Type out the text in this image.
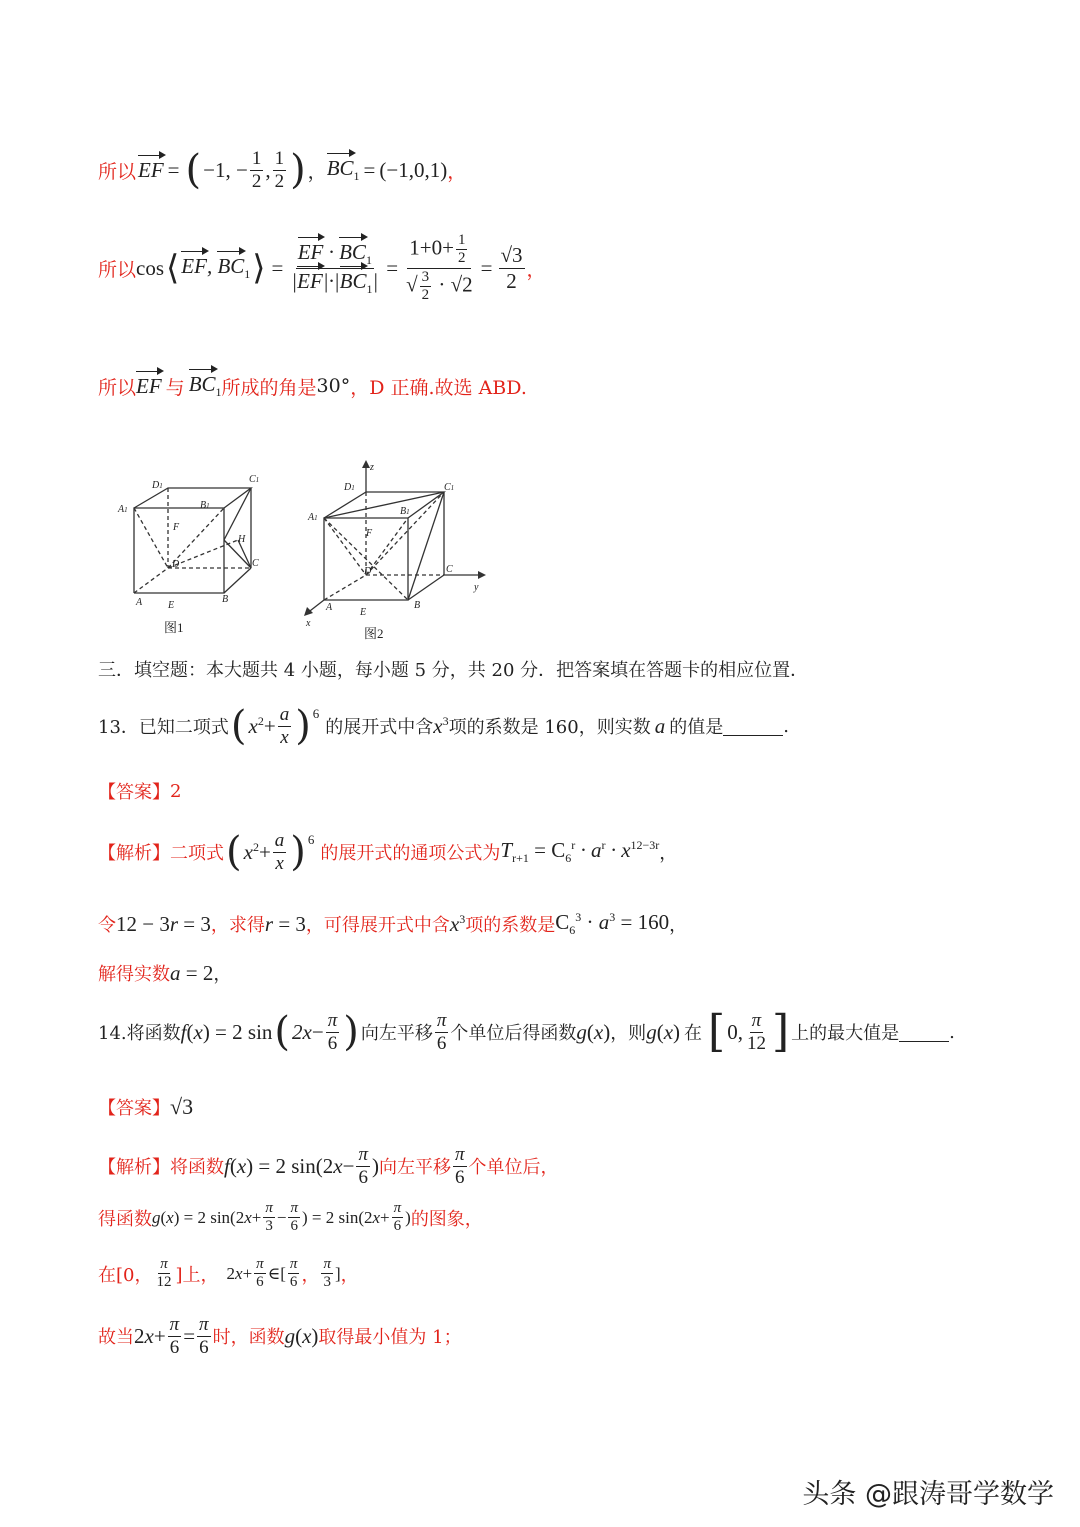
所以 EF = ( −1, − $\frac{1}{2}$ , $\frac{1}{2}$ ) ， $BC_1 = (-1,0,1)$ ，
所以 cos ⟨ EF, $BC_1$ ⟩ = $\frac{EF \cdot BC_1}{|EF|\cdot|BC_1|} = \frac{1+0+ \frac{1}{2}}{√ \frac{3}{2} \cdot √2} = \frac{√3}{2}$ ，
所以 EF 与 $BC_1$ 所成的角是 30° ，D 正确.故选 ABD.
D1
C1
A1	B1
F
H
D	C
A	E
B
图1
z
D1	C1
A1
B1
F
D	C
y
A	E
B
x
图2
三．填空题：本大题共 4 小题，每小题 5 分，共 20 分．把答案填在答题卡的相应位置．
13．已知二项式 ( $x^2+ \frac{a}{x}$ ) 6
的展开式中含 $x^3$ 项的系数是 160，则实数 a 的值是	.
【答案】 2
【解析】 二项式 ( $x^2+ \frac{a}{x}$ ) 6
的展开式的通项公式为 $T_{r+1} = C_6^r \cdot a^r \cdot x^{12-3r}$ ，
令 12 − 3r = 3 ，求得 r = 3 ，可得展开式中含 $x^3$ 项的系数是 $C_6^3 \cdot a^3 = 160$ ，
解得实数 a = 2 ，
14.将函数 f(x) = 2 sin ( $2x- \frac{\pi}{6}$ ) 向左平移 $\frac{\pi}{6}$ 个单位后得函数 g(x) ，则 g(x) 在 [ 0, $\frac{\pi}{12}$ ] 上的最大值是	.
【答案】 √3
【解析】 将函数 f(x) = 2 $\sin(2x- \frac{\pi}{6}$ ) 向左平移 $\frac{\pi}{6}$ 个单位后，
得函数 g(x) = 2 $\sin(2x+ \frac{\pi}{3} - \frac{\pi}{6}$ ) = 2 $\sin(2x+ \frac{\pi}{6}$ ) 的图象，
在[0， $\frac{\pi}{12}$ ]上， $2x+ \frac{\pi}{6}$ ∈[ $\frac{\pi}{6}$ ， $\frac{\pi}{3}$ ] ，
故当 $2x+ \frac{\pi}{6} = \frac{\pi}{6}$ 时，函数 g(x) 取得最小值为 1；
头条 @跟涛哥学数学
